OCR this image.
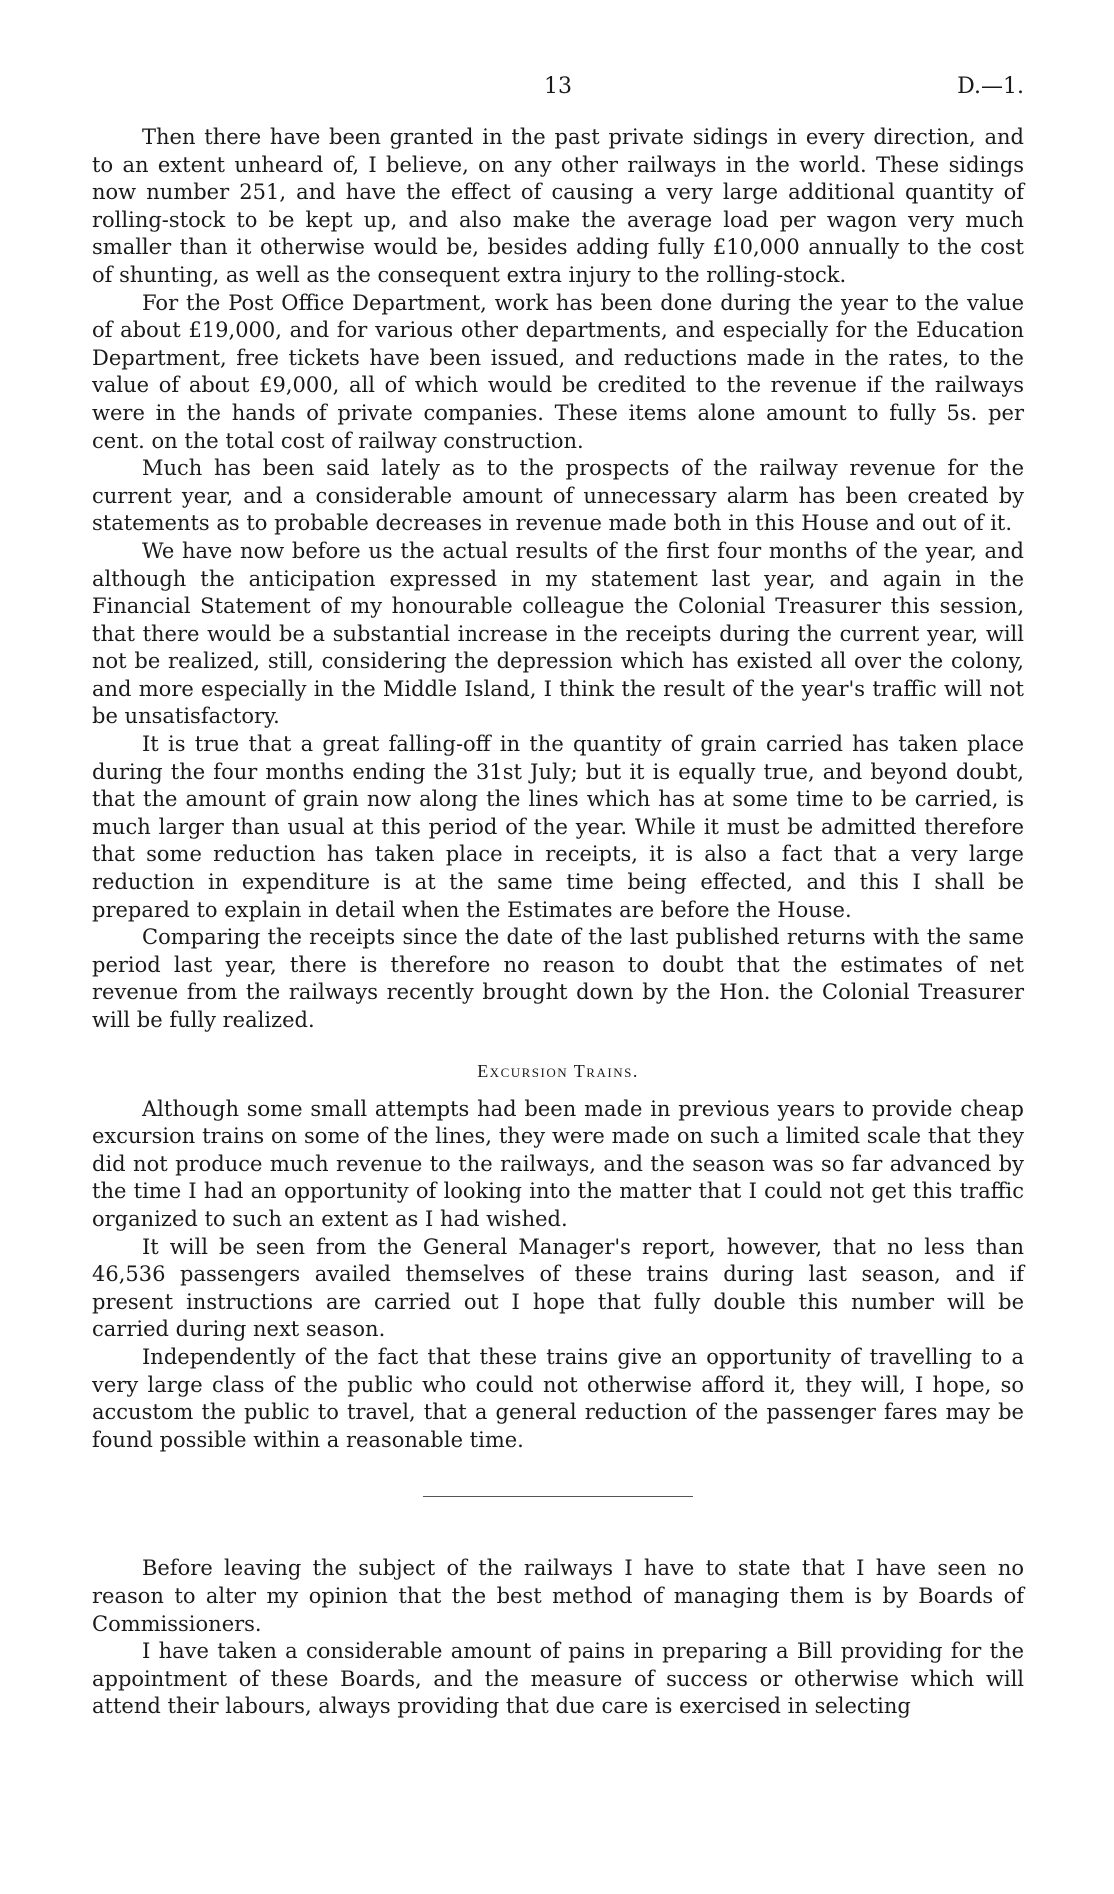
13	D.—1.

Then there have been granted in the past private sidings in every direction, and to an extent unheard of, I believe, on any other railways in the world. These sidings now number 251, and have the effect of causing a very large additional quantity of rolling-stock to be kept up, and also make the average load per wagon very much smaller than it otherwise would be, besides adding fully £10,000 annually to the cost of shunting, as well as the consequent extra injury to the rolling-stock.

For the Post Office Department, work has been done during the year to the value of about £19,000, and for various other departments, and especially for the Education Department, free tickets have been issued, and reductions made in the rates, to the value of about £9,000, all of which would be credited to the revenue if the railways were in the hands of private companies. These items alone amount to fully 5s. per cent. on the total cost of railway construction.

Much has been said lately as to the prospects of the railway revenue for the current year, and a considerable amount of unnecessary alarm has been created by statements as to probable decreases in revenue made both in this House and out of it.

We have now before us the actual results of the first four months of the year, and although the anticipation expressed in my statement last year, and again in the Financial Statement of my honourable colleague the Colonial Treasurer this session, that there would be a substantial increase in the receipts during the current year, will not be realized, still, considering the depression which has existed all over the colony, and more especially in the Middle Island, I think the result of the year's traffic will not be unsatisfactory.

It is true that a great falling-off in the quantity of grain carried has taken place during the four months ending the 31st July; but it is equally true, and beyond doubt, that the amount of grain now along the lines which has at some time to be carried, is much larger than usual at this period of the year. While it must be admitted therefore that some reduction has taken place in receipts, it is also a fact that a very large reduction in expenditure is at the same time being effected, and this I shall be prepared to explain in detail when the Estimates are before the House.

Comparing the receipts since the date of the last published returns with the same period last year, there is therefore no reason to doubt that the estimates of net revenue from the railways recently brought down by the Hon. the Colonial Treasurer will be fully realized.

Excursion Trains.

Although some small attempts had been made in previous years to provide cheap excursion trains on some of the lines, they were made on such a limited scale that they did not produce much revenue to the railways, and the season was so far advanced by the time I had an opportunity of looking into the matter that I could not get this traffic organized to such an extent as I had wished.

It will be seen from the General Manager's report, however, that no less than 46,536 passengers availed themselves of these trains during last season, and if present instructions are carried out I hope that fully double this number will be carried during next season.

Independently of the fact that these trains give an opportunity of travelling to a very large class of the public who could not otherwise afford it, they will, I hope, so accustom the public to travel, that a general reduction of the passenger fares may be found possible within a reasonable time.

Before leaving the subject of the railways I have to state that I have seen no reason to alter my opinion that the best method of managing them is by Boards of Commissioners.

I have taken a considerable amount of pains in preparing a Bill providing for the appointment of these Boards, and the measure of success or otherwise which will attend their labours, always providing that due care is exercised in selecting
